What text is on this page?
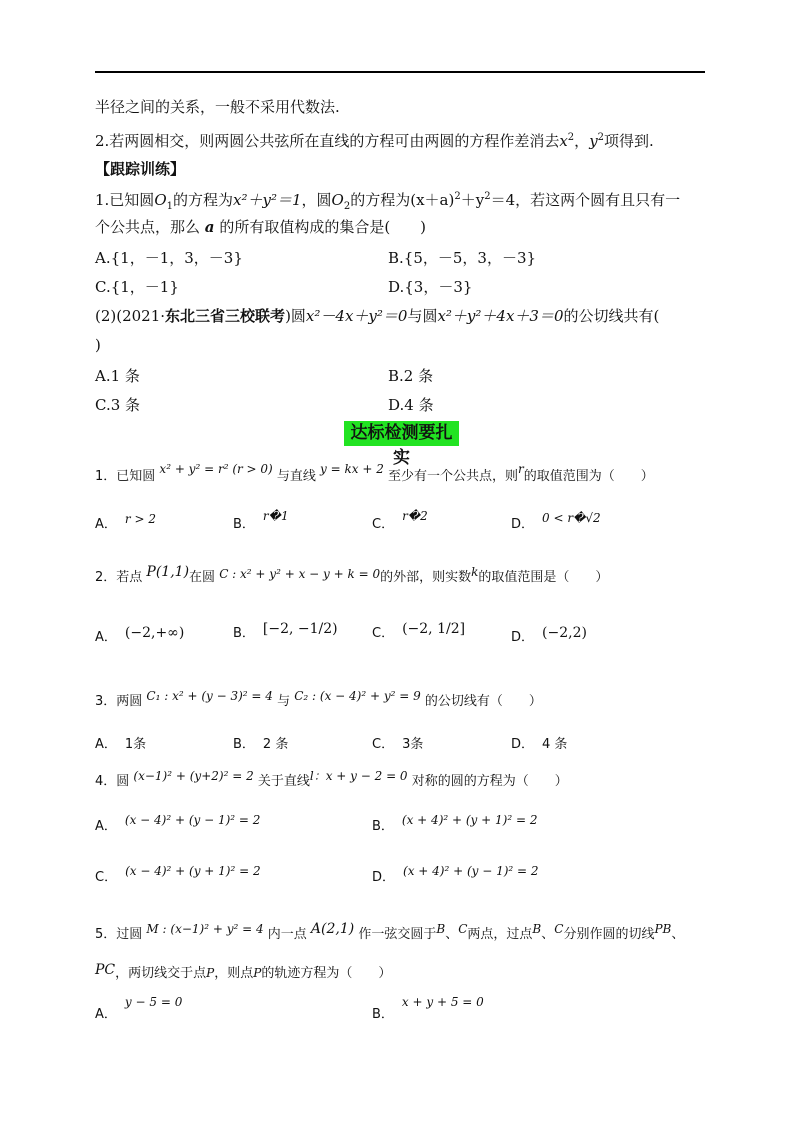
半径之间的关系，一般不采用代数法.
2.若两圆相交，则两圆公共弦所在直线的方程可由两圆的方程作差消去$x^2$，$y^2$项得到.
【跟踪训练】
1.已知圆$O_1$的方程为x²＋y²＝1，圆$O_2$的方程为$(x+a)^2+y^2=4$，若这两个圆有且只有一
个公共点，那么 a 的所有取值构成的集合是(　　)
A.{1，－1，3，－3}	B.{5，－5，3，－3}
C.{1，－1}	D.{3，－3}
(2)(2021·东北三省三校联考)圆x²－4x＋y²＝0与圆x²＋y²＋4x＋3＝0的公切线共有(
)
A.1 条	B.2 条
C.3 条	D.4 条
达标检测要扎实
1．已知圆 x² + y² = r² (r > 0) 与直线 y = kx + 2 至少有一个公共点，则r的取值范围为（　　）
A． r > 2	B．r�1
C．r�2
D． 0 < r�√2
2．若点 P(1,1)在圆 C : x² + y² + x − y + k = 0的外部，则实数k的取值范围是（　　）
A． (−2,+∞)	B． [−2, −1/2)	C． (−2, 1/2]
D． (−2,2)
3．两圆 C₁ : x² + (y − 3)² = 4 与 C₂ : (x − 4)² + y² = 9 的公切线有（　　）
A． 1条	B． 2 条	C． 3条	D． 4 条
4．圆 (x−1)² + (y+2)² = 2 关于直线l：x + y − 2 = 0 对称的圆的方程为（　　）
A． (x − 4)² + (y − 1)² = 2	B． (x + 4)² + (y + 1)² = 2
C． (x − 4)² + (y + 1)² = 2	D． (x + 4)² + (y − 1)² = 2
5．过圆 M : (x−1)² + y² = 4 内一点 A(2,1) 作一弦交圆于B、C两点，过点B、C分别作圆的切线PB、
PC，两切线交于点P，则点P的轨迹方程为（　　）
A．y − 5 = 0
B．x + y + 5 = 0
